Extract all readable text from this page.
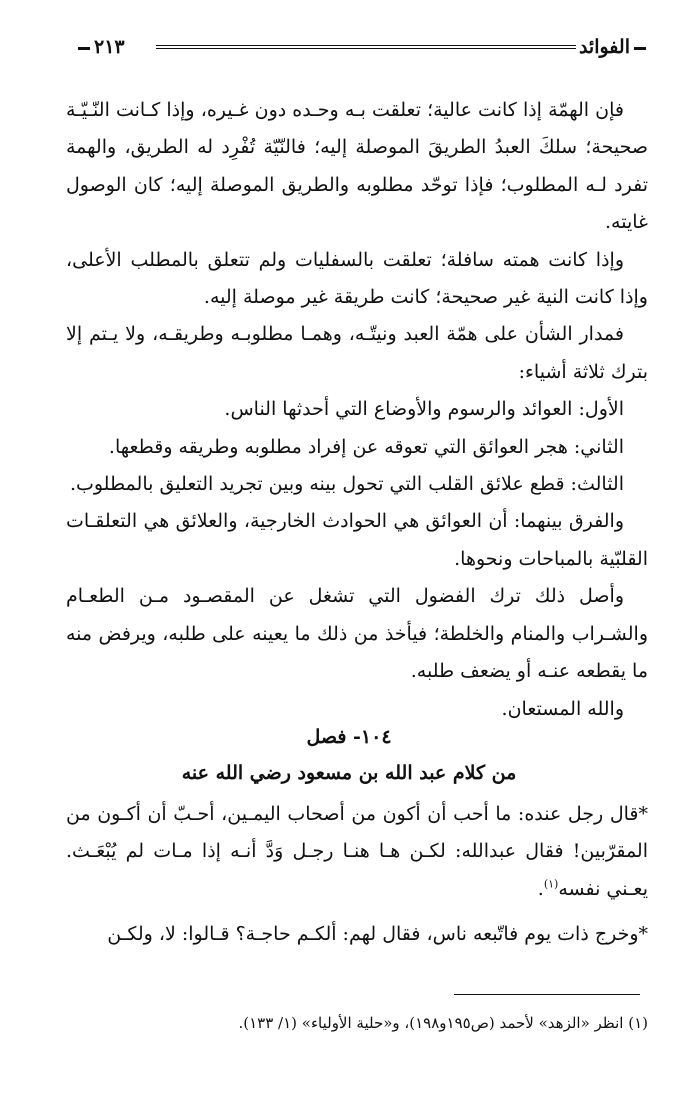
الفوائد
٢١٣

فإن الهمّة إذا كانت عالية؛ تعلقت بـه وحـده دون غـيره، وإذا كـانت النّـيّـة صحيحة؛ سلكَ العبدُ الطريقَ الموصلة إليه؛ فالنّيّة تُفْرِد له الطريق، والهمة تفرد لـه المطلوب؛ فإذا توحّد مطلوبه والطريق الموصلة إليه؛ كان الوصول غايته.

وإذا كانت همته سافلة؛ تعلقت بالسفليات ولم تتعلق بالمطلب الأعلى، وإذا كانت النية غير صحيحة؛ كانت طريقة غير موصلة إليه.

فمدار الشأن على همّة العبد ونيتّـه، وهمـا مطلوبـه وطريقـه، ولا يـتم إلا بترك ثلاثة أشياء:

الأول: العوائد والرسوم والأوضاع التي أحدثها الناس.

الثاني: هجر العوائق التي تعوقه عن إفراد مطلوبه وطريقه وقطعها.

الثالث: قطع علائق القلب التي تحول بينه وبين تجريد التعليق بالمطلوب.

والفرق بينهما: أن العوائق هي الحوادث الخارجية، والعلائق هي التعلقـات القلبّية بالمباحات ونحوها.

وأصل ذلك ترك الفضول التي تشغل عن المقصـود مـن الطعـام والشـراب والمنام والخلطة؛ فيأخذ من ذلك ما يعينه على طلبه، ويرفض منه ما يقطعه عنـه أو يضعف طلبه.

والله المستعان.

١٠٤- فصل
من كلام عبد الله بن مسعود رضي الله عنه

*قال رجل عنده: ما أحب أن أكون من أصحاب اليمـين، أحـبّ أن أكـون من المقرّبين! فقال عبدالله: لكـن هـا هنـا رجـل وَدَّ أنـه إذا مـات لم يُبْعَـث. يعـني نفسه$^{(١)}$.

*وخرج ذات يوم فاتّبعه ناس، فقال لهم: ألكـم حاجـة؟ قـالوا: لا، ولكـن

(١) انظر «الزهد» لأحمد (ص١٩٥و١٩٨)، و«حلية الأولياء» (١/ ١٣٣).
